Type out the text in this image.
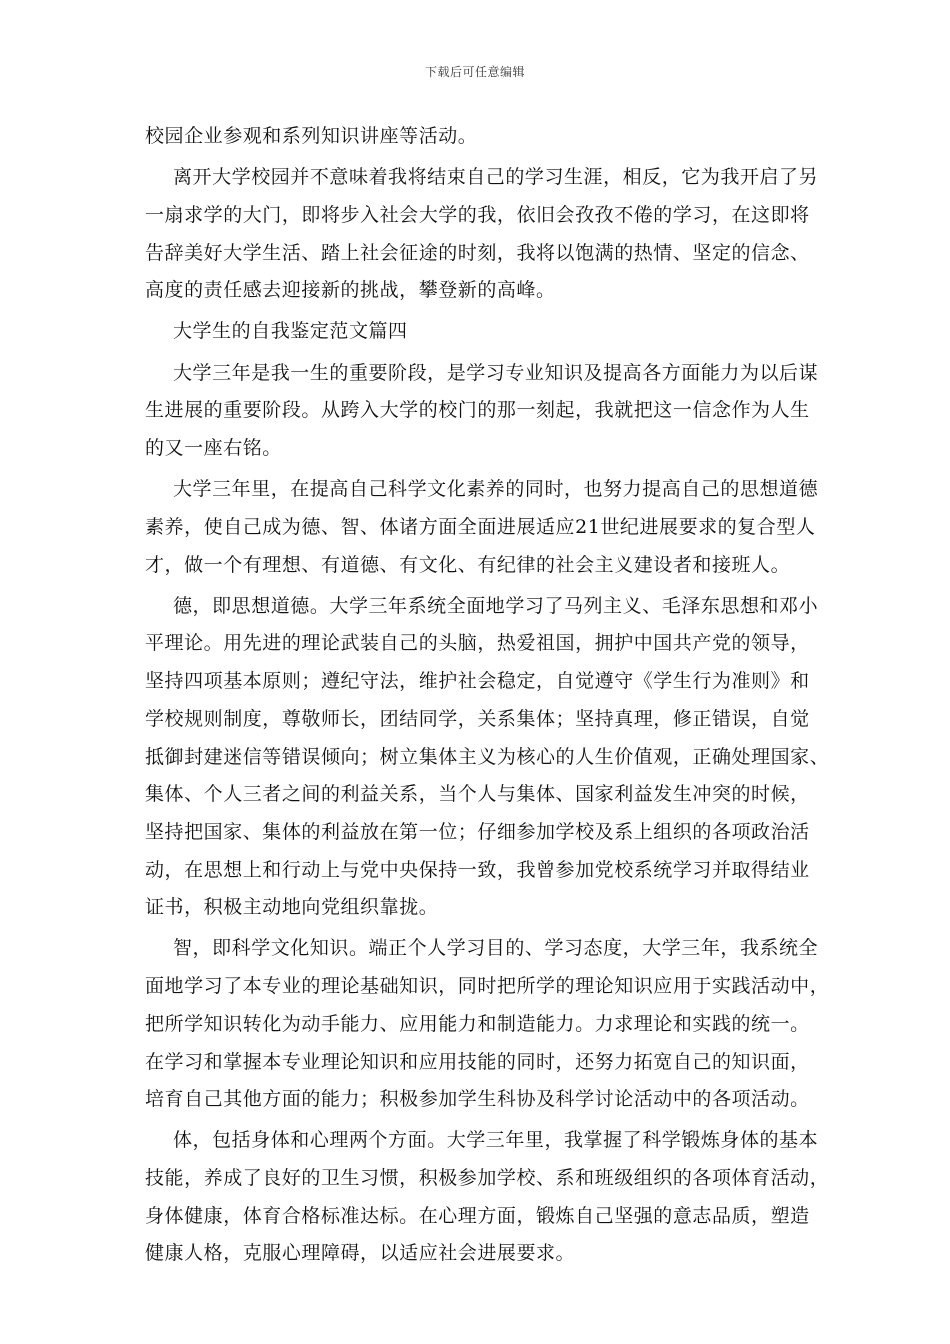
下载后可任意编辑
校园企业参观和系列知识讲座等活动。
离开大学校园并不意味着我将结束自己的学习生涯，相反，它为我开启了另
一扇求学的大门，即将步入社会大学的我，依旧会孜孜不倦的学习，在这即将
告辞美好大学生活、踏上社会征途的时刻，我将以饱满的热情、坚定的信念、
高度的责任感去迎接新的挑战，攀登新的高峰。
大学生的自我鉴定范文篇四
大学三年是我一生的重要阶段，是学习专业知识及提高各方面能力为以后谋
生进展的重要阶段。从跨入大学的校门的那一刻起，我就把这一信念作为人生
的又一座右铭。
大学三年里，在提高自己科学文化素养的同时，也努力提高自己的思想道德
素养，使自己成为德、智、体诸方面全面进展适应21世纪进展要求的复合型人
才，做一个有理想、有道德、有文化、有纪律的社会主义建设者和接班人。
德，即思想道德。大学三年系统全面地学习了马列主义、毛泽东思想和邓小
平理论。用先进的理论武装自己的头脑，热爱祖国，拥护中国共产党的领导，
坚持四项基本原则；遵纪守法，维护社会稳定，自觉遵守《学生行为准则》和
学校规则制度，尊敬师长，团结同学，关系集体；坚持真理，修正错误，自觉
抵御封建迷信等错误倾向；树立集体主义为核心的人生价值观，正确处理国家、
集体、个人三者之间的利益关系，当个人与集体、国家利益发生冲突的时候，
坚持把国家、集体的利益放在第一位；仔细参加学校及系上组织的各项政治活
动，在思想上和行动上与党中央保持一致，我曾参加党校系统学习并取得结业
证书，积极主动地向党组织靠拢。
智，即科学文化知识。端正个人学习目的、学习态度，大学三年，我系统全
面地学习了本专业的理论基础知识，同时把所学的理论知识应用于实践活动中，
把所学知识转化为动手能力、应用能力和制造能力。力求理论和实践的统一。
在学习和掌握本专业理论知识和应用技能的同时，还努力拓宽自己的知识面，
培育自己其他方面的能力；积极参加学生科协及科学讨论活动中的各项活动。
体，包括身体和心理两个方面。大学三年里，我掌握了科学锻炼身体的基本
技能，养成了良好的卫生习惯，积极参加学校、系和班级组织的各项体育活动，
身体健康，体育合格标准达标。在心理方面，锻炼自己坚强的意志品质，塑造
健康人格，克服心理障碍，以适应社会进展要求。
